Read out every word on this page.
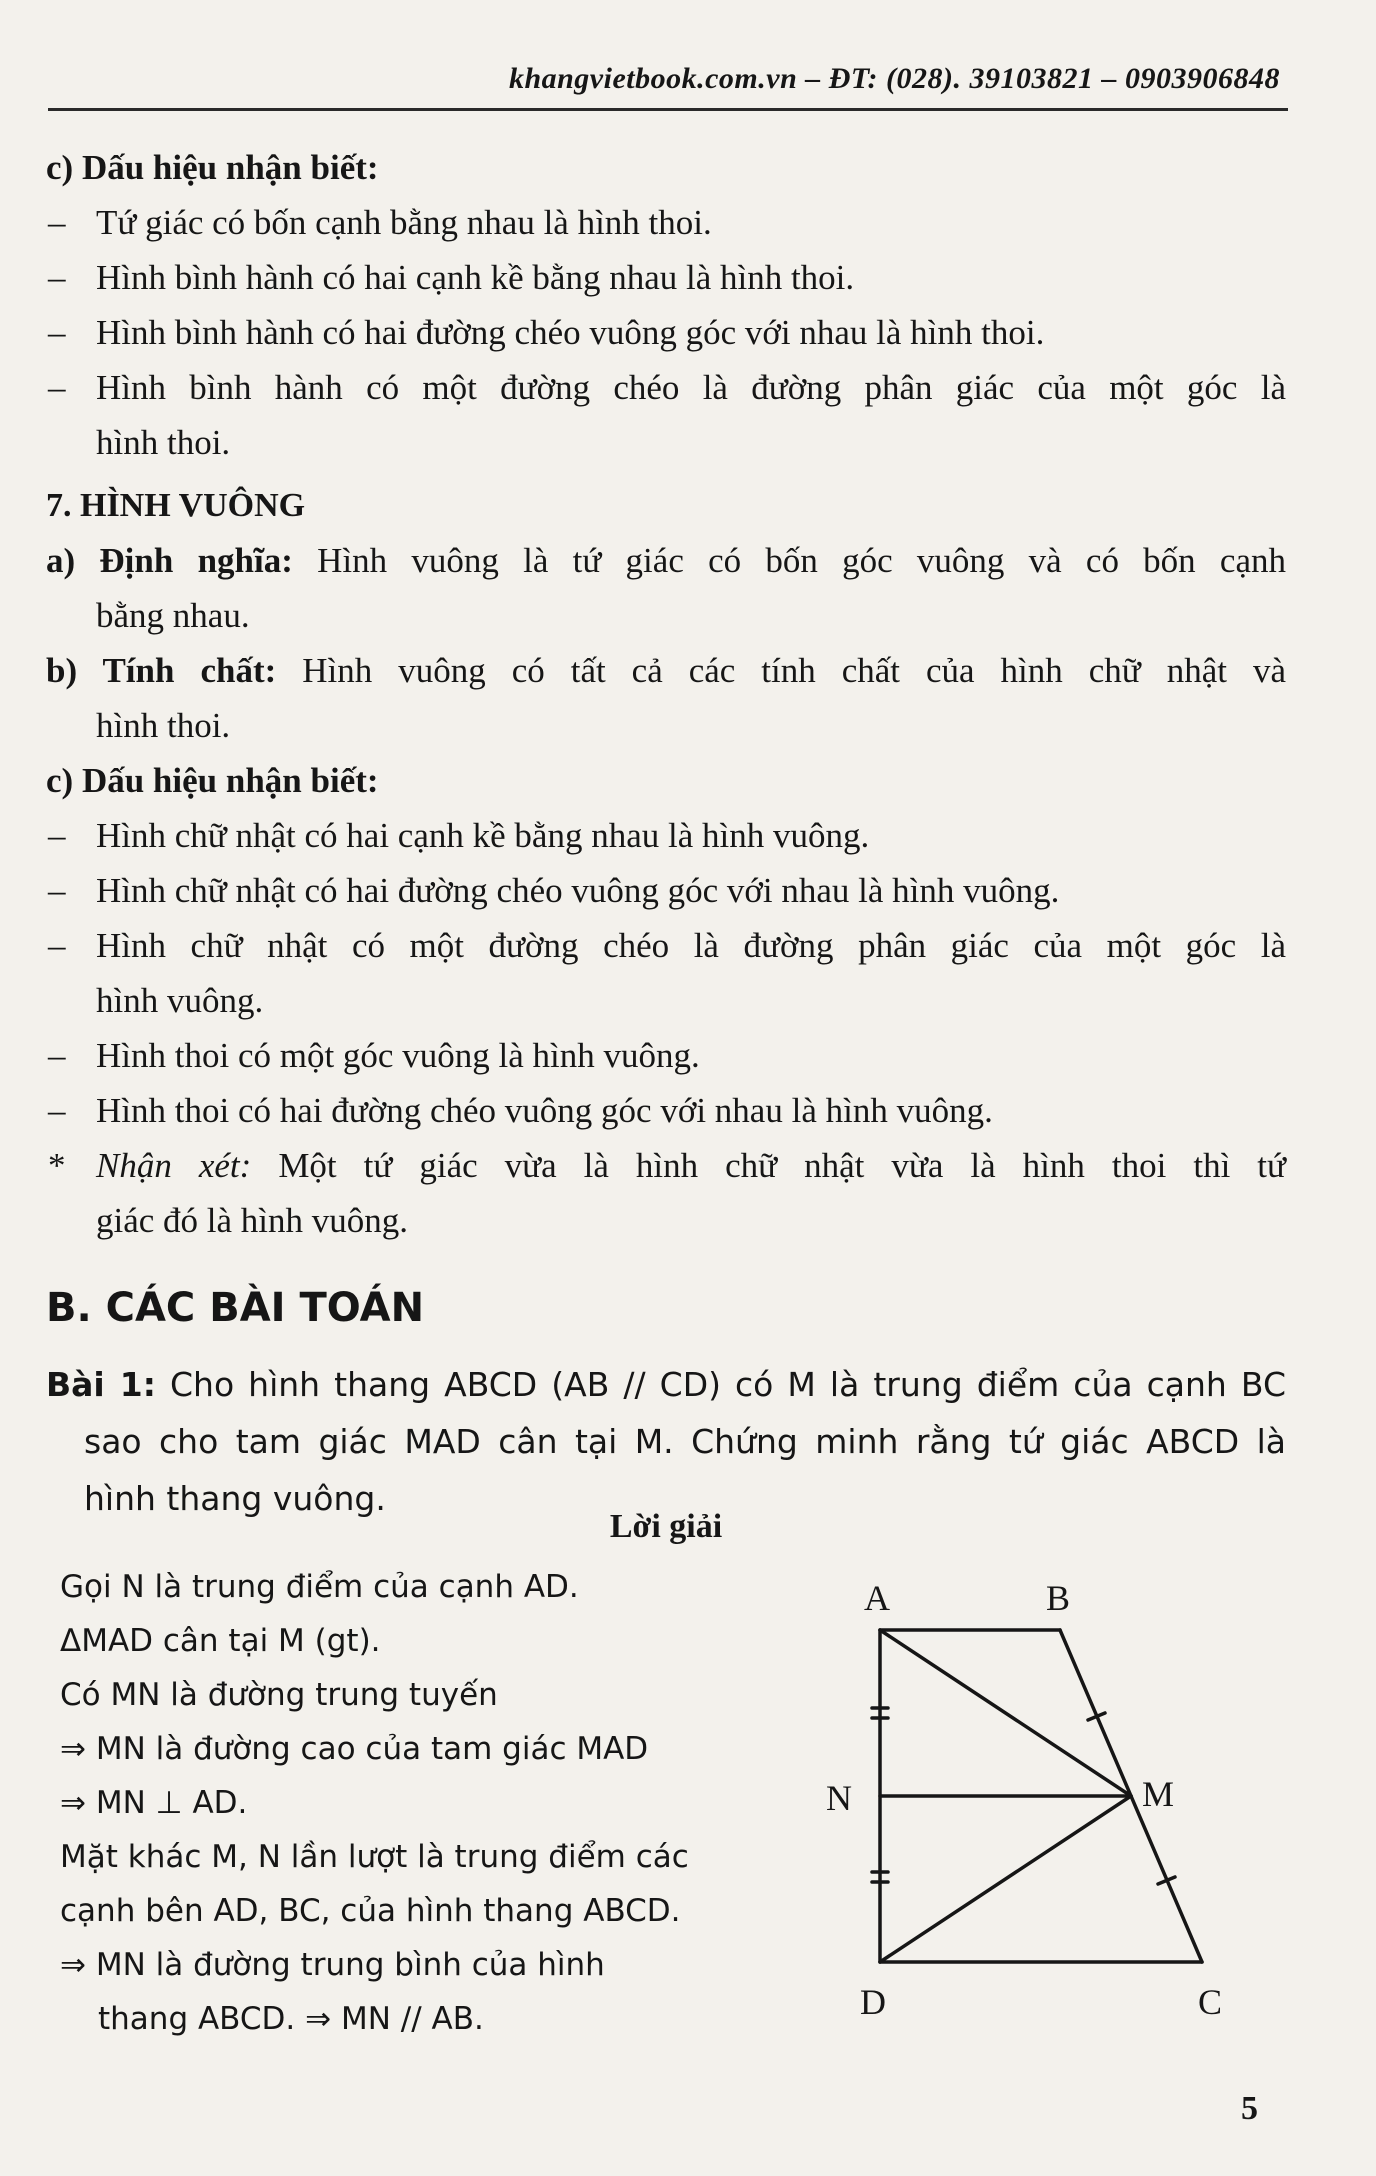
khangvietbook.com.vn – ĐT: (028). 39103821 – 0903906848
c) Dấu hiệu nhận biết:
– Tứ giác có bốn cạnh bằng nhau là hình thoi.
– Hình bình hành có hai cạnh kề bằng nhau là hình thoi.
– Hình bình hành có hai đường chéo vuông góc với nhau là hình thoi.
– Hình bình hành có một đường chéo là đường phân giác của một góc là
hình thoi.
7. HÌNH VUÔNG
a) Định nghĩa: Hình vuông là tứ giác có bốn góc vuông và có bốn cạnh
bằng nhau.
b) Tính chất: Hình vuông có tất cả các tính chất của hình chữ nhật và
hình thoi.
c) Dấu hiệu nhận biết:
– Hình chữ nhật có hai cạnh kề bằng nhau là hình vuông.
– Hình chữ nhật có hai đường chéo vuông góc với nhau là hình vuông.
– Hình chữ nhật có một đường chéo là đường phân giác của một góc là
hình vuông.
– Hình thoi có một góc vuông là hình vuông.
– Hình thoi có hai đường chéo vuông góc với nhau là hình vuông.
* Nhận xét: Một tứ giác vừa là hình chữ nhật vừa là hình thoi thì tứ
giác đó là hình vuông.
B. CÁC BÀI TOÁN
Bài 1: Cho hình thang ABCD (AB // CD) có M là trung điểm của cạnh BC
sao cho tam giác MAD cân tại M. Chứng minh rằng tứ giác ABCD là
hình thang vuông.
Lời giải
Gọi N là trung điểm của cạnh AD.
ΔMAD cân tại M (gt).
Có MN là đường trung tuyến
⇒ MN là đường cao của tam giác MAD
⇒ MN ⊥ AD.
Mặt khác M, N lần lượt là trung điểm các
cạnh bên AD, BC, của hình thang ABCD.
⇒ MN là đường trung bình của hình
thang ABCD. ⇒ MN // AB.
A	B
C
D
M
N
5
